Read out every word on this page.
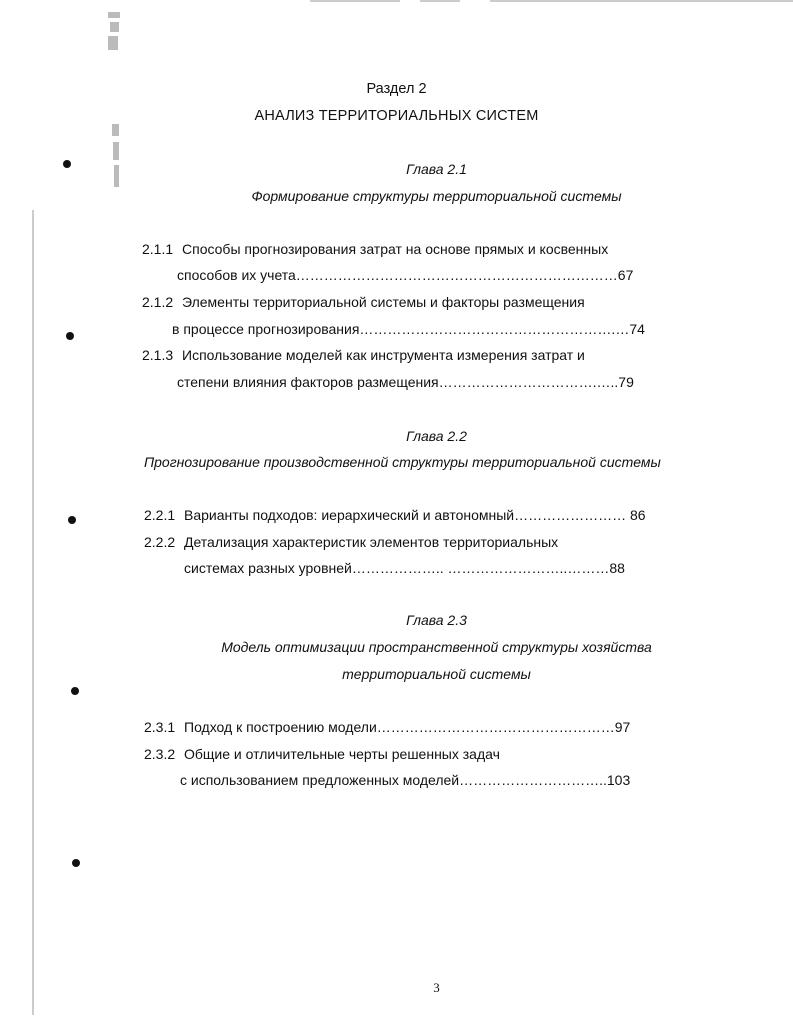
Раздел 2
АНАЛИЗ ТЕРРИТОРИАЛЬНЫХ СИСТЕМ
Глава 2.1
Формирование структуры территориальной системы
2.1.1 Способы прогнозирования затрат на основе прямых и косвенных
способов их учета……………………………………………………………67
2.1.2 Элементы территориальной системы и факторы размещения
в процессе прогнозирования……………………………………………….…74
2.1.3 Использование моделей как инструмента измерения затрат и
степени влияния факторов размещения…………………………….…..79
Глава 2.2
Прогнозирование производственной структуры территориальной системы
2.2.1 Варианты подходов: иерархический и автономный…………………… 86
2.2.2 Детализация характеристик элементов территориальных
системах разных уровней……………….. ……………………..………88
Глава 2.3
Модель оптимизации пространственной структуры хозяйства
территориальной системы
2.3.1 Подход к построению модели……………………………………………97
2.3.2 Общие и отличительные черты решенных задач
с использованием предложенных моделей…………………………..103
3
